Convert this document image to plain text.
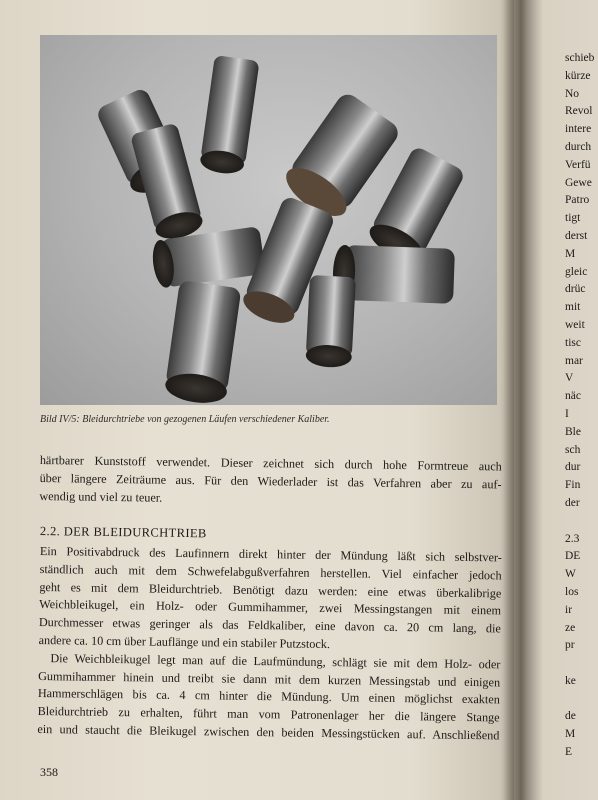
Bild IV/5: Bleidurchtriebe von gezogenen Läufen verschiedener Kaliber.
härtbarer Kunststoff verwendet. Dieser zeichnet sich durch hohe Formtreue auch
über längere Zeiträume aus. Für den Wiederlader ist das Verfahren aber zu auf-
wendig und viel zu teuer.
2.2. DER BLEIDURCHTRIEB
Ein Positivabdruck des Laufinnern direkt hinter der Mündung läßt sich selbstver-
ständlich auch mit dem Schwefelabgußverfahren herstellen. Viel einfacher jedoch
geht es mit dem Bleidurchtrieb. Benötigt dazu werden: eine etwas überkalibrige
Weichbleikugel, ein Holz- oder Gummihammer, zwei Messingstangen mit einem
Durchmesser etwas geringer als das Feldkaliber, eine davon ca. 20 cm lang, die
andere ca. 10 cm über Lauflänge und ein stabiler Putzstock.
Die Weichbleikugel legt man auf die Laufmündung, schlägt sie mit dem Holz- oder
Gummihammer hinein und treibt sie dann mit dem kurzen Messingstab und einigen
Hammerschlägen bis ca. 4 cm hinter die Mündung. Um einen möglichst exakten
Bleidurchtrieb zu erhalten, führt man vom Patronenlager her die längere Stange
ein und staucht die Bleikugel zwischen den beiden Messingstücken auf. Anschließend
358
schieb
kürze
No
Revol
intere
durch
Verfü
Gewe
Patro
tigt
derst
M
gleic
drüc
mit
weit
tisc
mar
V
näc
I
Ble
sch
dur
Fin
der
2.3
DE
W
los
ir
ze
pr
ke
de
M
E
